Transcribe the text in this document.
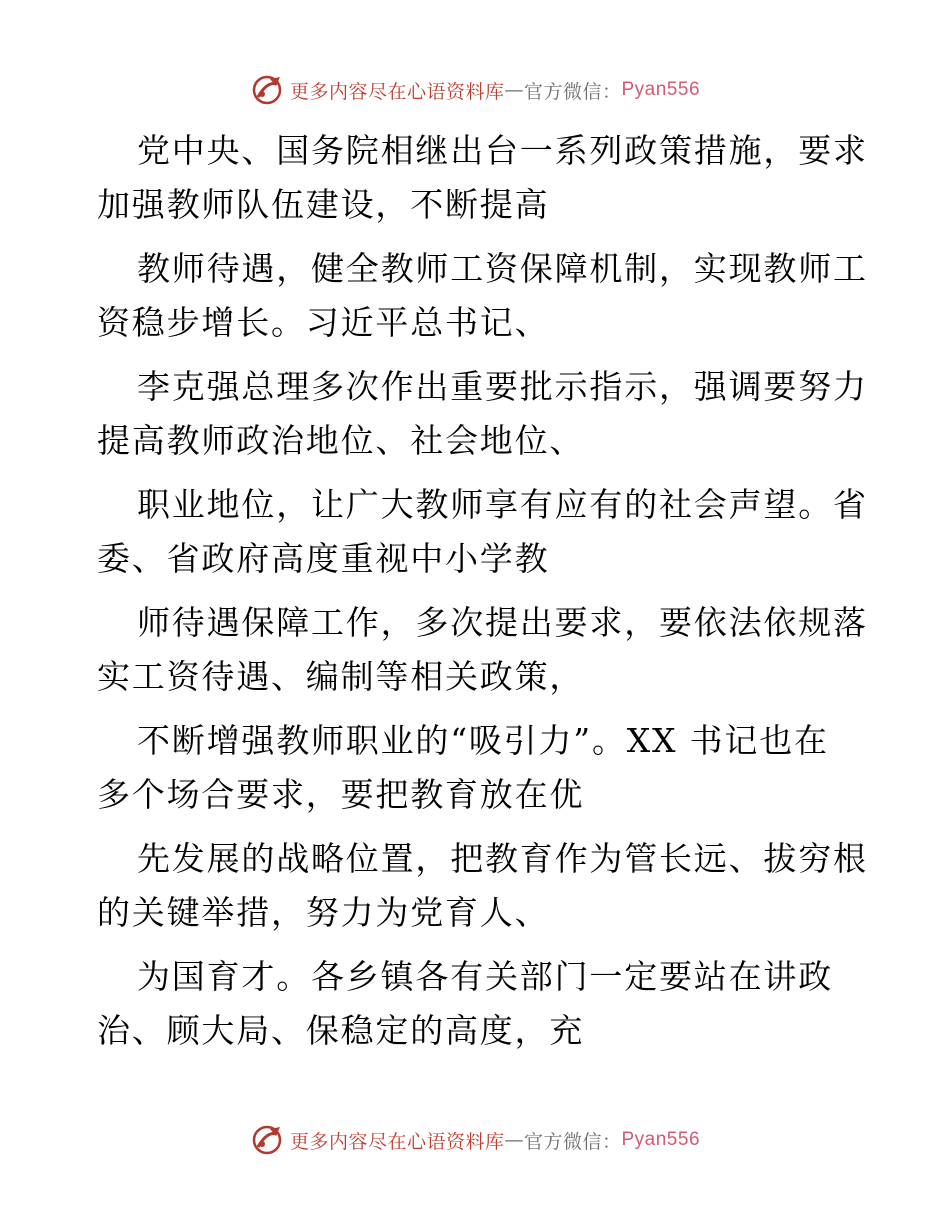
更多内容尽在心语资料库 — 官方微信： Pyan556

党中央、国务院相继出台一系列政策措施，要求
加强教师队伍建设，不断提高

教师待遇，健全教师工资保障机制，实现教师工
资稳步增长。习近平总书记、

李克强总理多次作出重要批示指示，强调要努力
提高教师政治地位、社会地位、

职业地位，让广大教师享有应有的社会声望。省
委、省政府高度重视中小学教

师待遇保障工作，多次提出要求，要依法依规落
实工资待遇、编制等相关政策，

不断增强教师职业的“吸引力”。XX 书记也在
多个场合要求，要把教育放在优

先发展的战略位置，把教育作为管长远、拔穷根
的关键举措，努力为党育人、

为国育才。各乡镇各有关部门一定要站在讲政
治、顾大局、保稳定的高度，充

更多内容尽在心语资料库 — 官方微信： Pyan556
